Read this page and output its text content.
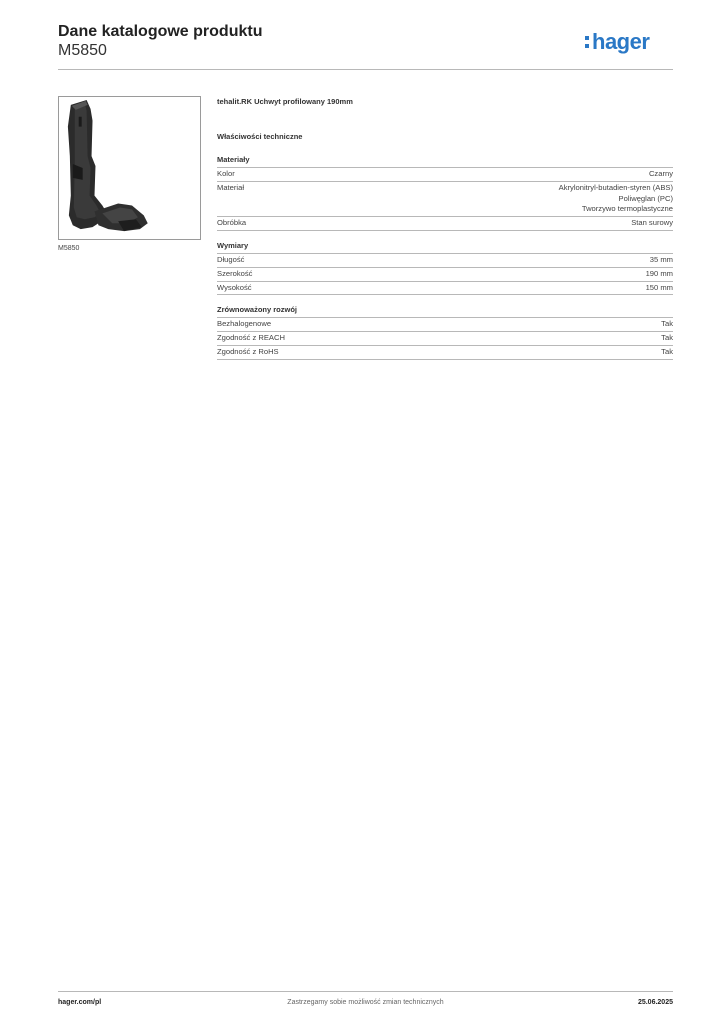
Dane katalogowe produktu
M5850	hager
M5850
tehalit.RK Uchwyt profilowany 190mm
Właściwości techniczne
Materiały
Kolor	Czarny
Materiał	Akrylonitryl-butadien-styren (ABS)
Poliwęglan (PC)
Tworzywo termoplastyczne
Obróbka	Stan surowy
Wymiary
Długość	35 mm
Szerokość	190 mm
Wysokość	150 mm
Zrównoważony rozwój
Bezhalogenowe	Tak
Zgodność z REACH	Tak
Zgodność z RoHS	Tak
hager.com/pl	Zastrzegamy sobie możliwość zmian technicznych	25.06.2025
